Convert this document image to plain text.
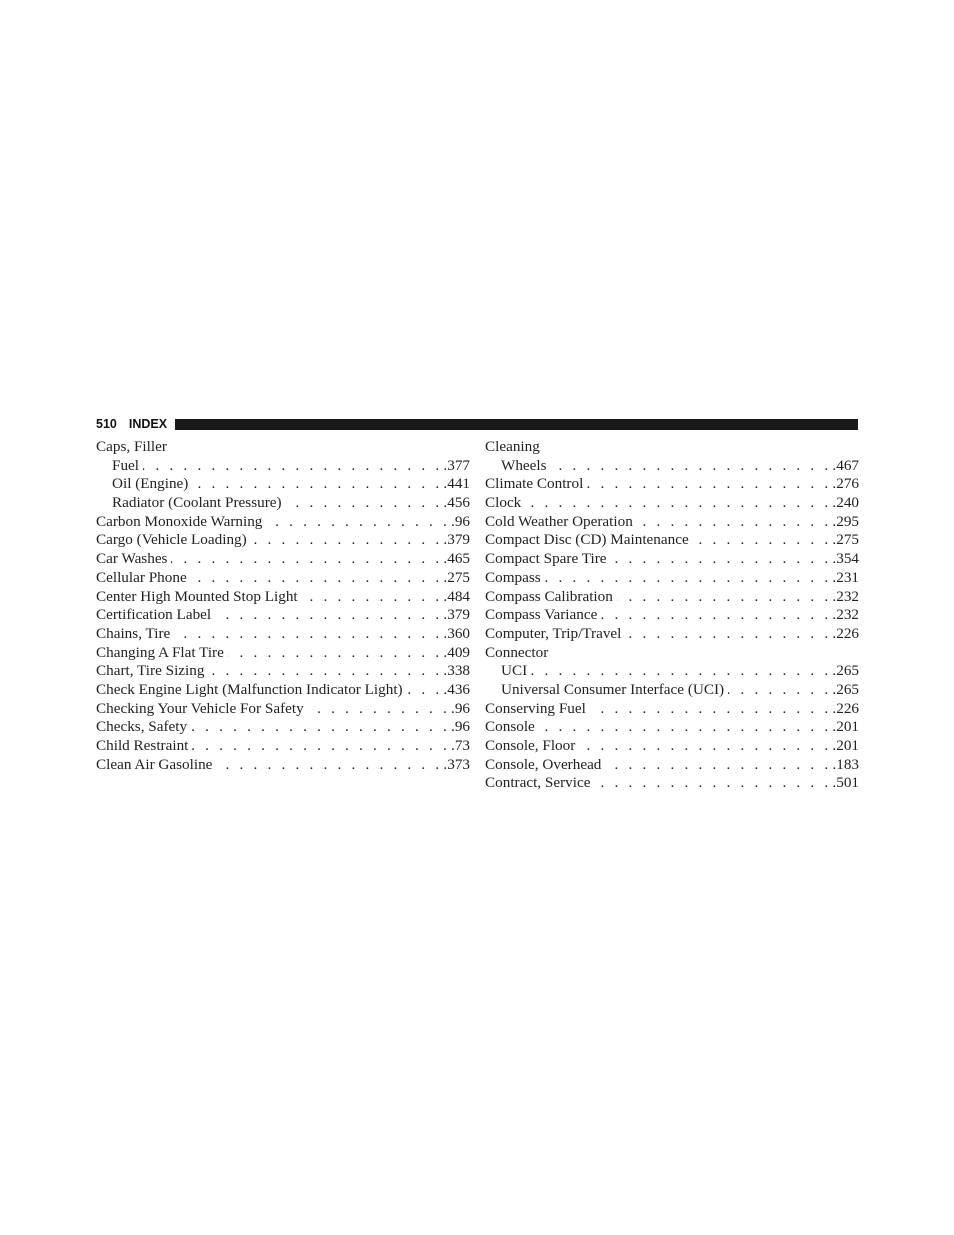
510 INDEX
Caps, Filler
Fuel . . .	.377
Oil (Engine) . . .	.441
Radiator (Coolant Pressure) . . .	.456
Carbon Monoxide Warning . . .	.96
Cargo (Vehicle Loading) . . .	.379
Car Washes . . .	.465
Cellular Phone . . .	.275
Center High Mounted Stop Light . . .	.484
Certification Label . . .	.379
Chains, Tire . . .	.360
Changing A Flat Tire . . .	.409
Chart, Tire Sizing . . .	.338
Check Engine Light (Malfunction Indicator Light) . . .	.436
Checking Your Vehicle For Safety . . .	.96
Checks, Safety . . .	.96
Child Restraint . . .	.73
Clean Air Gasoline . . .	.373
Cleaning
Wheels . . .	.467
Climate Control . . .	.276
Clock . . .	.240
Cold Weather Operation . . .	.295
Compact Disc (CD) Maintenance . . .	.275
Compact Spare Tire . . .	.354
Compass . . .	.231
Compass Calibration . . .	.232
Compass Variance . . .	.232
Computer, Trip/Travel . . .	.226
Connector
UCI . . .	.265
Universal Consumer Interface (UCI) . . .	.265
Conserving Fuel . . .	.226
Console . . .	.201
Console, Floor . . .	.201
Console, Overhead . . .	.183
Contract, Service . . .	.501
